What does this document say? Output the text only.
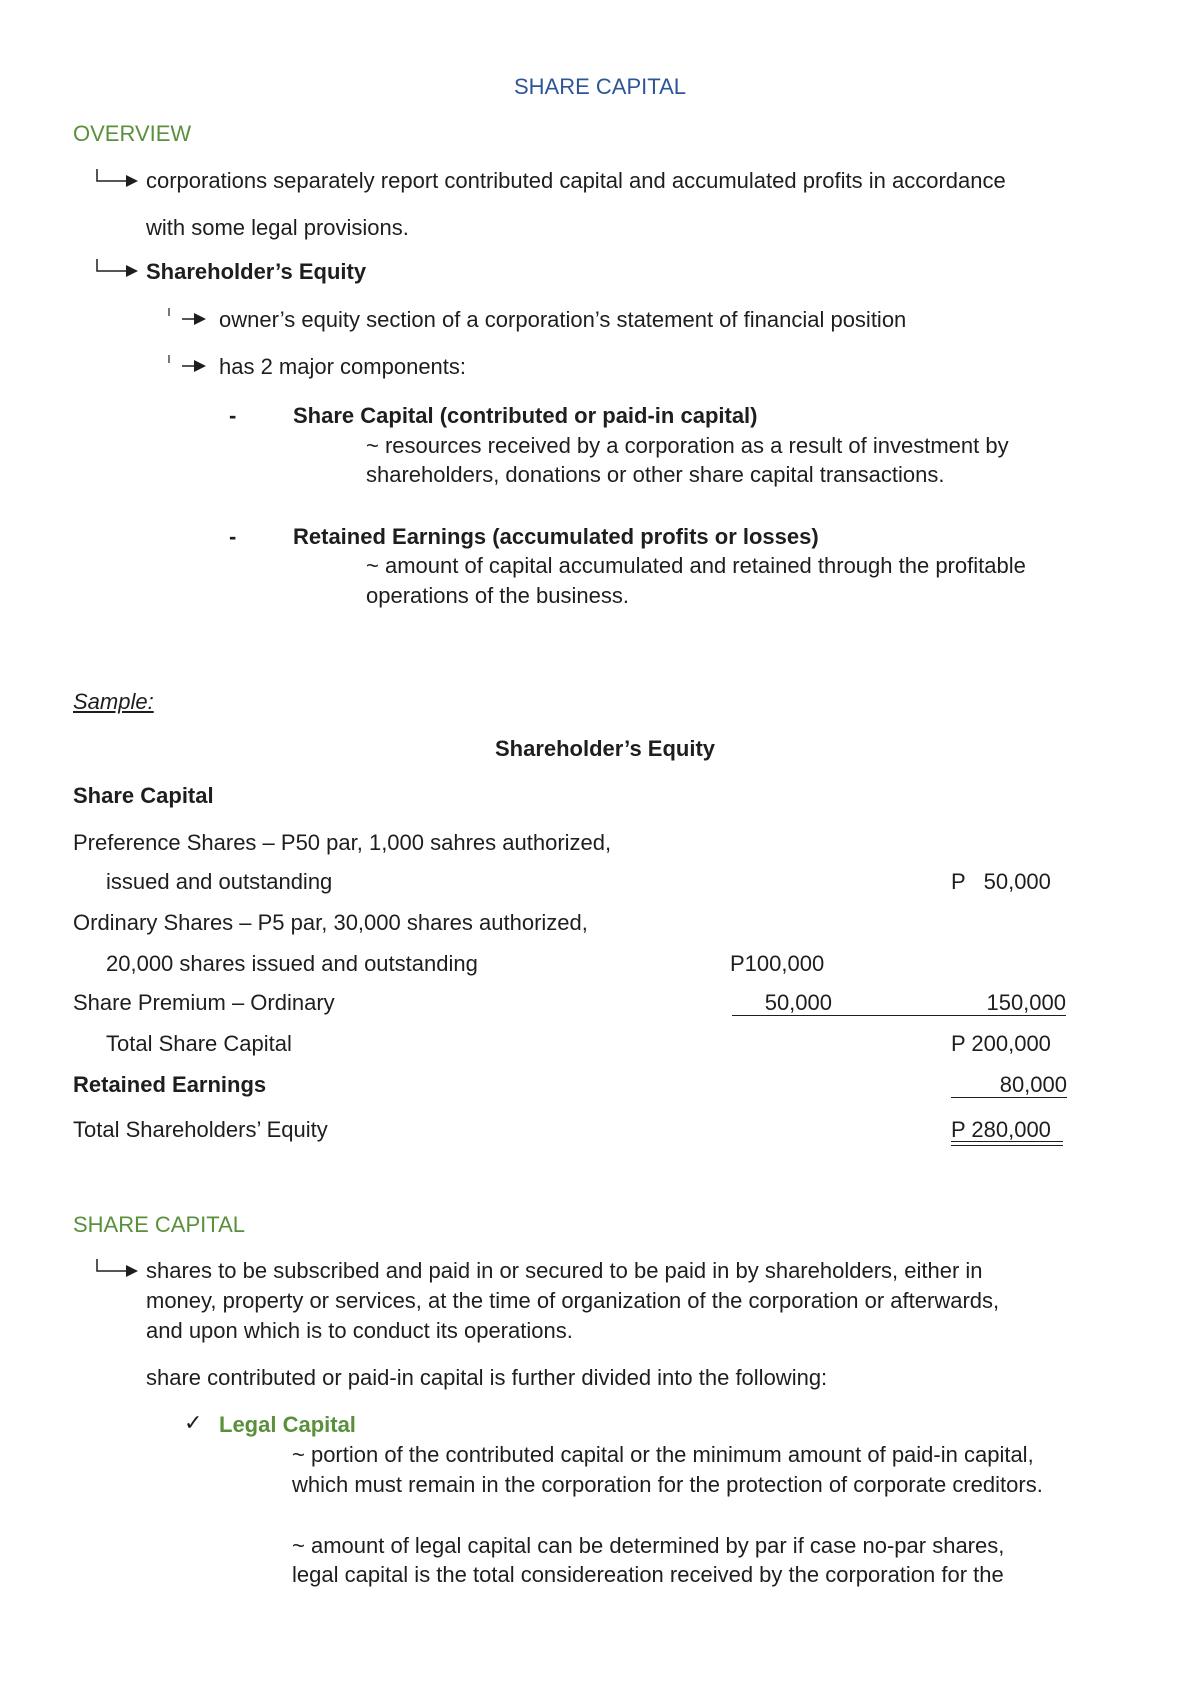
SHARE CAPITAL
OVERVIEW
corporations separately report contributed capital and accumulated profits in accordance
with some legal provisions.
Shareholder’s Equity
owner’s equity section of a corporation’s statement of financial position
has 2 major components:
-	Share Capital (contributed or paid-in capital)
~ resources received by a corporation as a result of investment by
shareholders, donations or other share capital transactions.
-	Retained Earnings (accumulated profits or losses)
~ amount of capital accumulated and retained through the profitable
operations of the business.
Sample:
Shareholder’s Equity
Share Capital
Preference Shares – P50 par, 1,000 sahres authorized,
issued and outstanding	P   50,000
Ordinary Shares – P5 par, 30,000 shares authorized,
20,000 shares issued and outstanding	P100,000
Share Premium – Ordinary	50,000	150,000
Total Share Capital	P 200,000
Retained Earnings	80,000
Total Shareholders’ Equity	P 280,000
SHARE CAPITAL
shares to be subscribed and paid in or secured to be paid in by shareholders, either in
money, property or services, at the time of organization of the corporation or afterwards,
and upon which is to conduct its operations.
share contributed or paid-in capital is further divided into the following:
✓ Legal Capital
~ portion of the contributed capital or the minimum amount of paid-in capital,
which must remain in the corporation for the protection of corporate creditors.
~ amount of legal capital can be determined by par if case no-par shares,
legal capital is the total considereation received by the corporation for the
